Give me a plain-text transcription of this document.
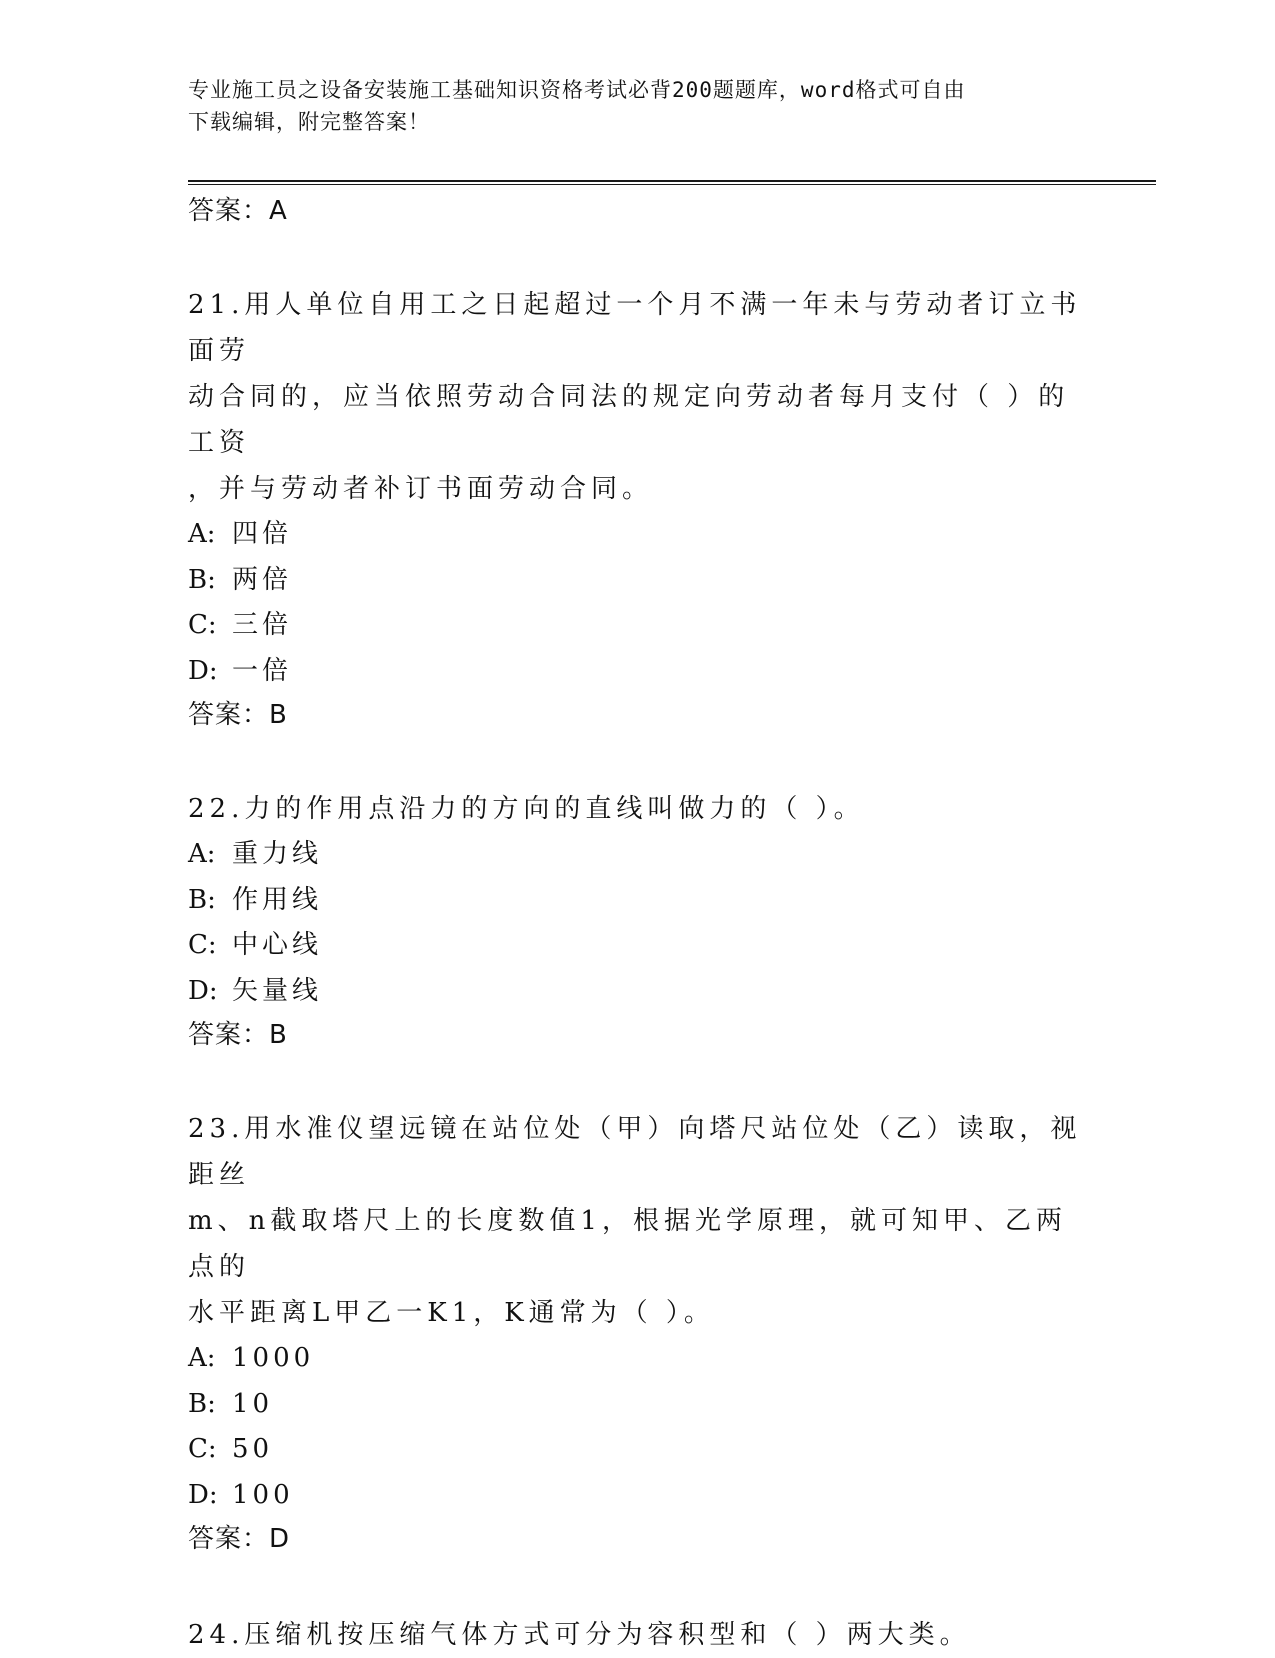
专业施工员之设备安装施工基础知识资格考试必背200题题库，word格式可自由
下载编辑，附完整答案！

答案：A

21.用人单位自用工之日起超过一个月不满一年未与劳动者订立书面劳
动合同的，应当依照劳动合同法的规定向劳动者每月支付（ ）的工资
，并与劳动者补订书面劳动合同。

A: 四倍

B: 两倍

C: 三倍

D: 一倍

答案：B

22.力的作用点沿力的方向的直线叫做力的（ ）。

A: 重力线

B: 作用线

C: 中心线

D: 矢量线

答案：B

23.用水准仪望远镜在站位处（甲）向塔尺站位处（乙）读取，视距丝
m、n截取塔尺上的长度数值1，根据光学原理，就可知甲、乙两点的
水平距离L甲乙一K1，K通常为（ ）。

A: 1000

B: 10

C: 50

D: 100

答案：D

24.压缩机按压缩气体方式可分为容积型和（ ）两大类。
